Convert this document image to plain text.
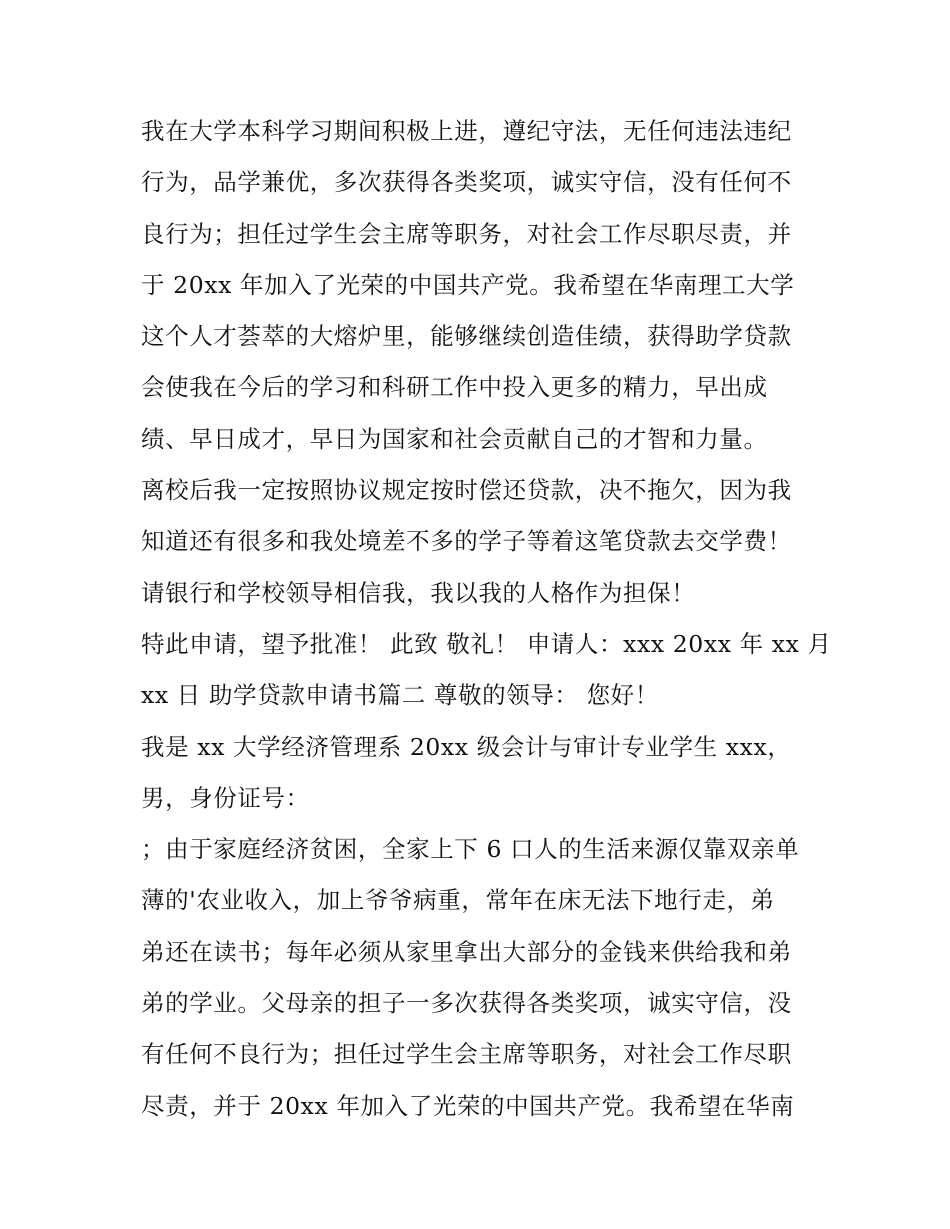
我在大学本科学习期间积极上进，遵纪守法，无任何违法违纪
行为，品学兼优，多次获得各类奖项，诚实守信，没有任何不
良行为；担任过学生会主席等职务，对社会工作尽职尽责，并
于 20xx 年加入了光荣的中国共产党。我希望在华南理工大学
这个人才荟萃的大熔炉里，能够继续创造佳绩，获得助学贷款
会使我在今后的学习和科研工作中投入更多的精力，早出成
绩、早日成才，早日为国家和社会贡献自己的才智和力量。
离校后我一定按照协议规定按时偿还贷款，决不拖欠，因为我
知道还有很多和我处境差不多的学子等着这笔贷款去交学费！
请银行和学校领导相信我，我以我的人格作为担保！
特此申请，望予批准！ 此致 敬礼！ 申请人：xxx 20xx 年 xx 月
xx 日 助学贷款申请书篇二 尊敬的领导： 您好！
我是 xx 大学经济管理系 20xx 级会计与审计专业学生 xxx，
男，身份证号：
；由于家庭经济贫困，全家上下 6 口人的生活来源仅靠双亲单
薄的'农业收入，加上爷爷病重，常年在床无法下地行走，弟
弟还在读书；每年必须从家里拿出大部分的金钱来供给我和弟
弟的学业。父母亲的担子一多次获得各类奖项，诚实守信，没
有任何不良行为；担任过学生会主席等职务，对社会工作尽职
尽责，并于 20xx 年加入了光荣的中国共产党。我希望在华南
